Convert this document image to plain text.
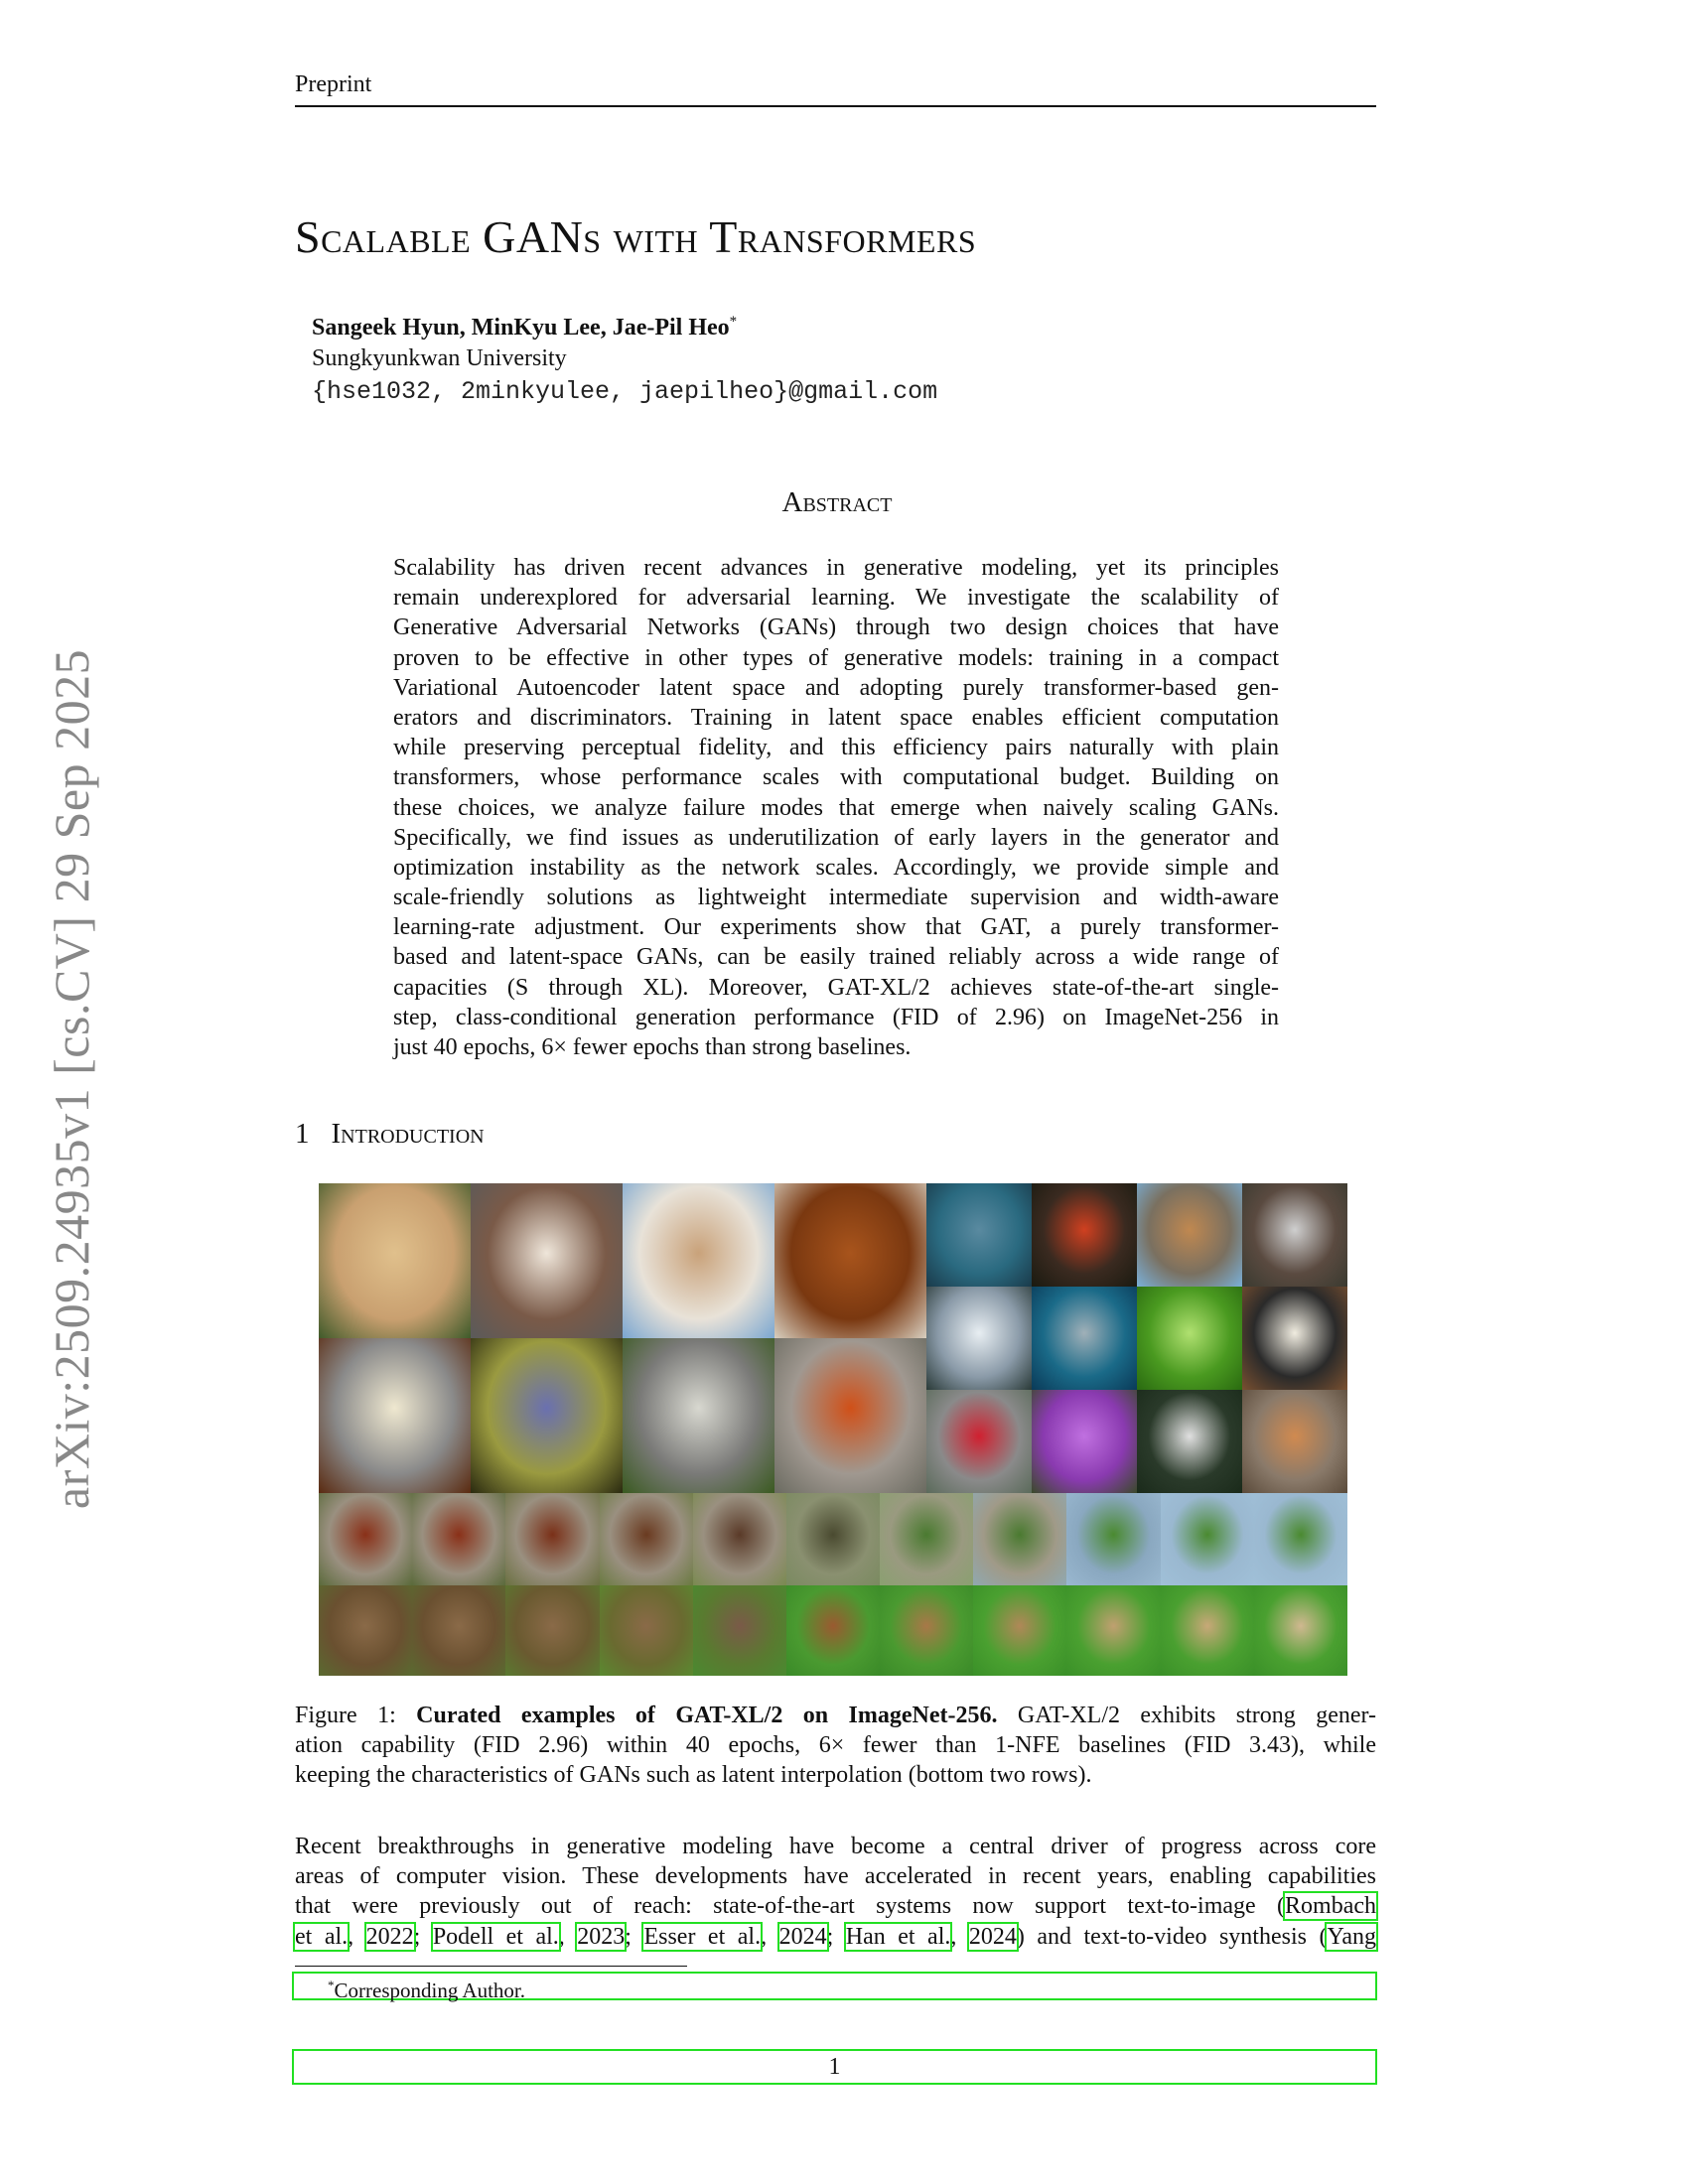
Preprint
arXiv:2509.24935v1 [cs.CV] 29 Sep 2025
Scalable GANs with Transformers
Sangeek Hyun, MinKyu Lee, Jae-Pil Heo*
Sungkyunkwan University
{hse1032, 2minkyulee, jaepilheo}@gmail.com
Abstract
Scalability has driven recent advances in generative modeling, yet its principles
remain underexplored for adversarial learning. We investigate the scalability of
Generative Adversarial Networks (GANs) through two design choices that have
proven to be effective in other types of generative models: training in a compact
Variational Autoencoder latent space and adopting purely transformer-based gen-
erators and discriminators. Training in latent space enables efficient computation
while preserving perceptual fidelity, and this efficiency pairs naturally with plain
transformers, whose performance scales with computational budget. Building on
these choices, we analyze failure modes that emerge when naively scaling GANs.
Specifically, we find issues as underutilization of early layers in the generator and
optimization instability as the network scales. Accordingly, we provide simple and
scale-friendly solutions as lightweight intermediate supervision and width-aware
learning-rate adjustment. Our experiments show that GAT, a purely transformer-
based and latent-space GANs, can be easily trained reliably across a wide range of
capacities (S through XL). Moreover, GAT-XL/2 achieves state-of-the-art single-
step, class-conditional generation performance (FID of 2.96) on ImageNet-256 in
just 40 epochs, 6× fewer epochs than strong baselines.
1 Introduction
Figure 1: Curated examples of GAT-XL/2 on ImageNet-256. GAT-XL/2 exhibits strong gener-
ation capability (FID 2.96) within 40 epochs, 6× fewer than 1-NFE baselines (FID 3.43), while
keeping the characteristics of GANs such as latent interpolation (bottom two rows).
Recent breakthroughs in generative modeling have become a central driver of progress across core
areas of computer vision. These developments have accelerated in recent years, enabling capabilities
that were previously out of reach: state-of-the-art systems now support text-to-image (Rombach
et al., 2022; Podell et al., 2023; Esser et al., 2024; Han et al., 2024) and text-to-video synthesis (Yang
*Corresponding Author.
1
